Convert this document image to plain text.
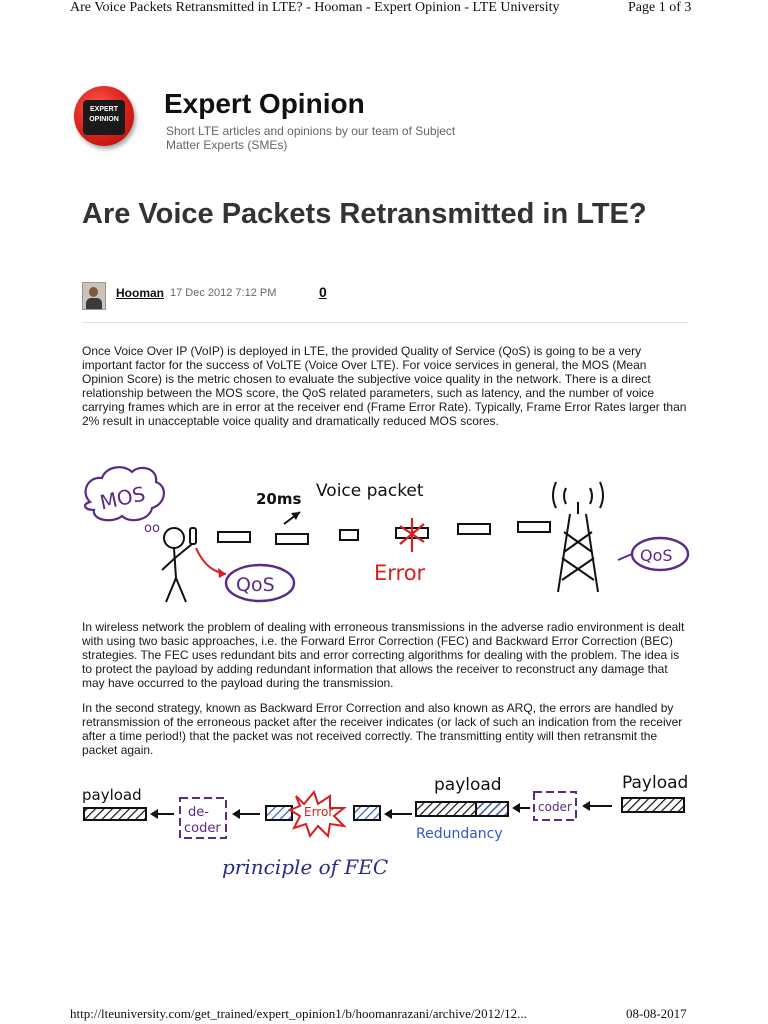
Are Voice Packets Retransmitted in LTE? - Hooman - Expert Opinion - LTE University	Page 1 of 3
EXPERT
OPINION
Expert Opinion
Short LTE articles and opinions by our team of Subject Matter Experts (SMEs)
Are Voice Packets Retransmitted in LTE?
Hooman 17 Dec 2012 7:12 PM	0

Once Voice Over IP (VoIP) is deployed in LTE, the provided Quality of Service (QoS) is going to be a very important factor for the success of VoLTE (Voice Over LTE). For voice services in general, the MOS (Mean Opinion Score) is the metric chosen to evaluate the subjective voice quality in the network. There is a direct relationship between the MOS score, the QoS related parameters, such as latency, and the number of voice carrying frames which are in error at the receiver end (Frame Error Rate). Typically, Frame Error Rates larger than 2% result in unacceptable voice quality and dramatically reduced MOS scores.

MOS
oo
QoS
20ms Voice packet
Error
QoS

In wireless network the problem of dealing with erroneous transmissions in the adverse radio environment is dealt with using two basic approaches, i.e. the Forward Error Correction (FEC) and Backward Error Correction (BEC) strategies. The FEC uses redundant bits and error correcting algorithms for dealing with the problem. The idea is to protect the payload by adding redundant information that allows the receiver to reconstruct any damage that may have occurred to the payload during the transmission.

In the second strategy, known as Backward Error Correction and also known as ARQ, the errors are handled by retransmission of the erroneous packet after the receiver indicates (or lack of such an indication from the receiver after a time period!) that the packet was not received correctly. The transmitting entity will then retransmit the packet again.

payload
de-
coder
Error
payload
Redundancy
coder
Payload
principle of FEC
http://lteuniversity.com/get_trained/expert_opinion1/b/hoomanrazani/archive/2012/12...	08-08-2017
